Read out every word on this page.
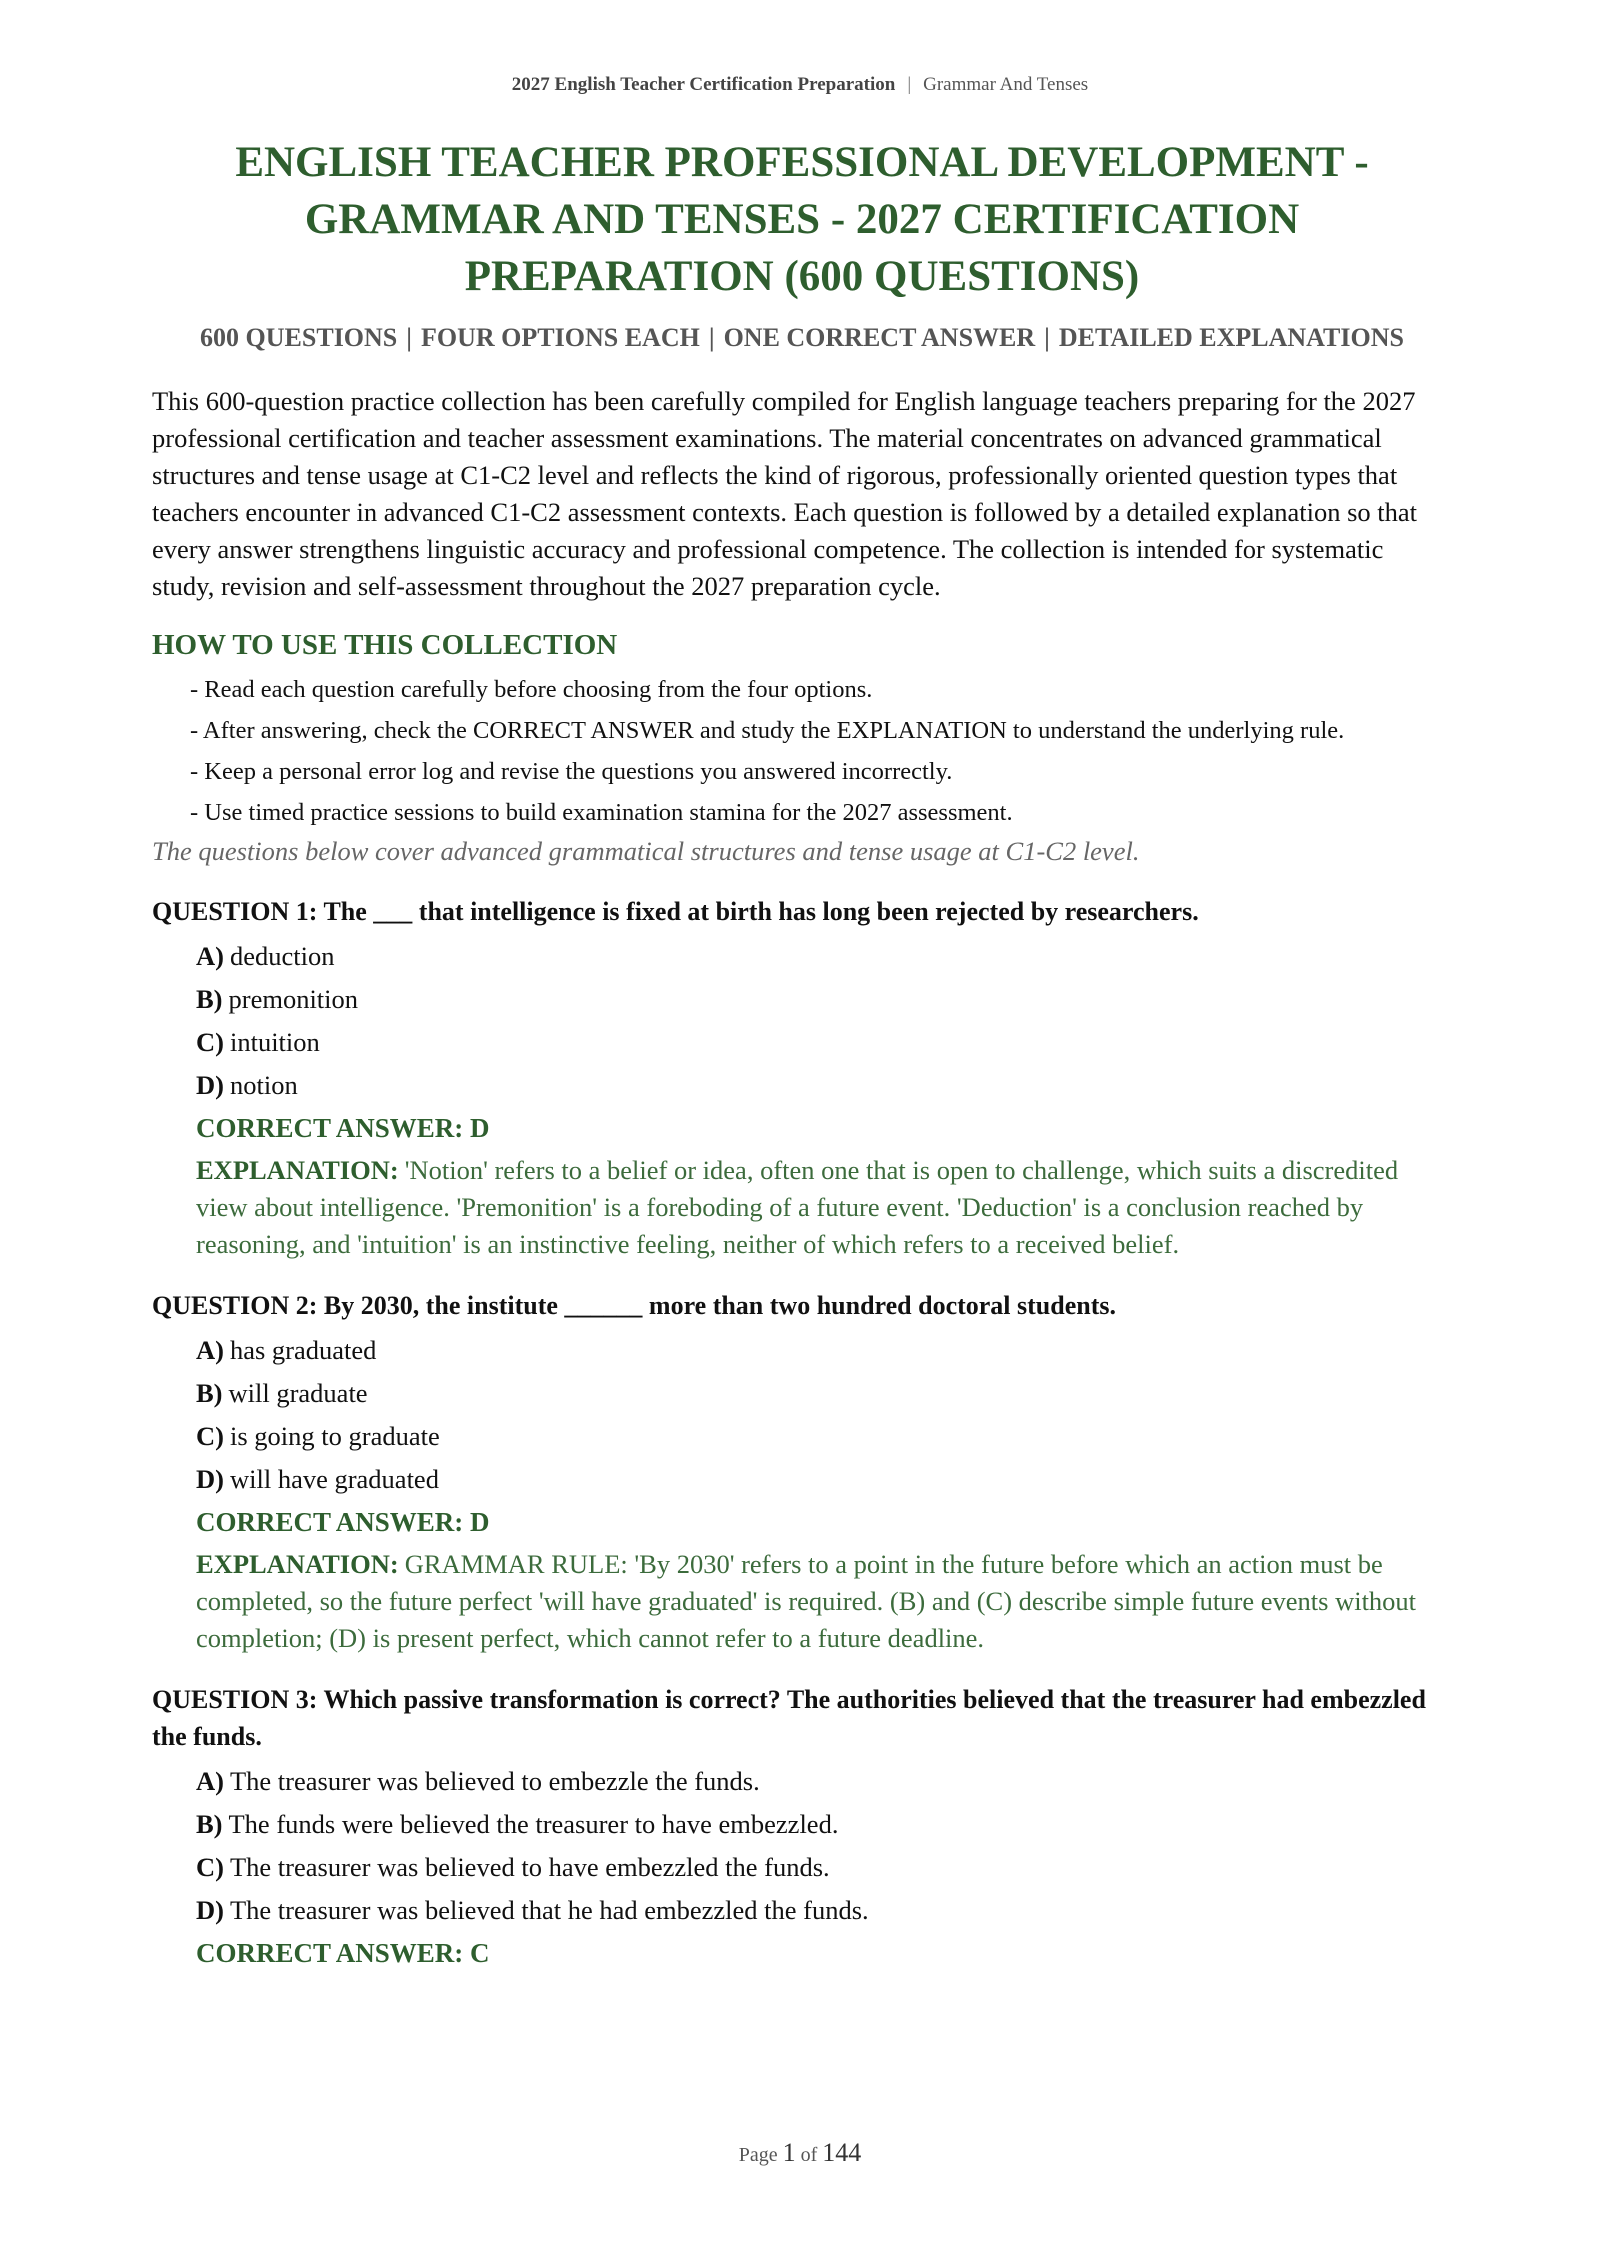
2027 English Teacher Certification Preparation | Grammar And Tenses
ENGLISH TEACHER PROFESSIONAL DEVELOPMENT - GRAMMAR AND TENSES - 2027 CERTIFICATION PREPARATION (600 QUESTIONS)
600 QUESTIONS | FOUR OPTIONS EACH | ONE CORRECT ANSWER | DETAILED EXPLANATIONS

This 600-question practice collection has been carefully compiled for English language teachers preparing for the 2027 professional certification and teacher assessment examinations. The material concentrates on advanced grammatical structures and tense usage at C1-C2 level and reflects the kind of rigorous, professionally oriented question types that teachers encounter in advanced C1-C2 assessment contexts. Each question is followed by a detailed explanation so that every answer strengthens linguistic accuracy and professional competence. The collection is intended for systematic study, revision and self-assessment throughout the 2027 preparation cycle.

HOW TO USE THIS COLLECTION
- Read each question carefully before choosing from the four options.
- After answering, check the CORRECT ANSWER and study the EXPLANATION to understand the underlying rule.
- Keep a personal error log and revise the questions you answered incorrectly.
- Use timed practice sessions to build examination stamina for the 2027 assessment.

The questions below cover advanced grammatical structures and tense usage at C1-C2 level.

QUESTION 1: The ___ that intelligence is fixed at birth has long been rejected by researchers.

A) deduction
B) premonition
C) intuition
D) notion
CORRECT ANSWER: D
EXPLANATION: 'Notion' refers to a belief or idea, often one that is open to challenge, which suits a discredited view about intelligence. 'Premonition' is a foreboding of a future event. 'Deduction' is a conclusion reached by reasoning, and 'intuition' is an instinctive feeling, neither of which refers to a received belief.

QUESTION 2: By 2030, the institute ______ more than two hundred doctoral students.

A) has graduated
B) will graduate
C) is going to graduate
D) will have graduated
CORRECT ANSWER: D
EXPLANATION: GRAMMAR RULE: 'By 2030' refers to a point in the future before which an action must be completed, so the future perfect 'will have graduated' is required. (B) and (C) describe simple future events without completion; (D) is present perfect, which cannot refer to a future deadline.

QUESTION 3: Which passive transformation is correct? The authorities believed that the treasurer had embezzled the funds.

A) The treasurer was believed to embezzle the funds.
B) The funds were believed the treasurer to have embezzled.
C) The treasurer was believed to have embezzled the funds.
D) The treasurer was believed that he had embezzled the funds.
CORRECT ANSWER: C
Page 1 of 144
